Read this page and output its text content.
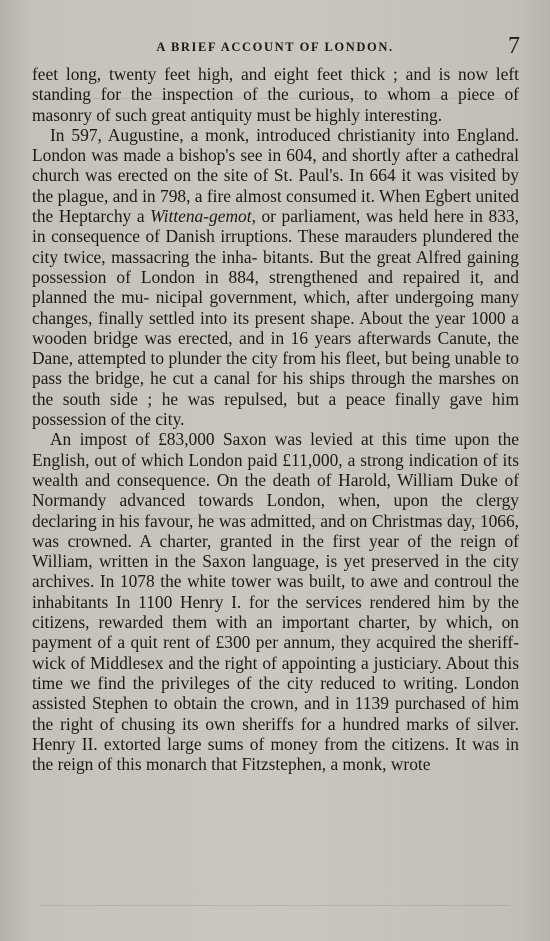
A BRIEF ACCOUNT OF LONDON.	7

feet long, twenty feet high, and eight feet thick ; and is now left standing for the inspection of the curious, to whom a piece of masonry of such great antiquity must be highly interesting.

In 597, Augustine, a monk, introduced christianity into England. London was made a bishop's see in 604, and shortly after a cathedral church was erected on the site of St. Paul's. In 664 it was visited by the plague, and in 798, a fire almost consumed it. When Egbert united the Heptarchy a Wittena-gemot, or parliament, was held here in 833, in consequence of Danish irruptions. These marauders plundered the city twice, massacring the inha- bitants. But the great Alfred gaining possession of London in 884, strengthened and repaired it, and planned the mu- nicipal government, which, after undergoing many changes, finally settled into its present shape. About the year 1000 a wooden bridge was erected, and in 16 years afterwards Canute, the Dane, attempted to plunder the city from his fleet, but being unable to pass the bridge, he cut a canal for his ships through the marshes on the south side ; he was repulsed, but a peace finally gave him possession of the city.

An impost of £83,000 Saxon was levied at this time upon the English, out of which London paid £11,000, a strong indication of its wealth and consequence. On the death of Harold, William Duke of Normandy advanced towards London, when, upon the clergy declaring in his favour, he was admitted, and on Christmas day, 1066, was crowned. A charter, granted in the first year of the reign of William, written in the Saxon language, is yet preserved in the city archives. In 1078 the white tower was built, to awe and controul the inhabitants In 1100 Henry I. for the services rendered him by the citizens, rewarded them with an important charter, by which, on payment of a quit rent of £300 per annum, they acquired the sheriff- wick of Middlesex and the right of appointing a justiciary. About this time we find the privileges of the city reduced to writing. London assisted Stephen to obtain the crown, and in 1139 purchased of him the right of chusing its own sheriffs for a hundred marks of silver. Henry II. extorted large sums of money from the citizens. It was in the reign of this monarch that Fitzstephen, a monk, wrote
